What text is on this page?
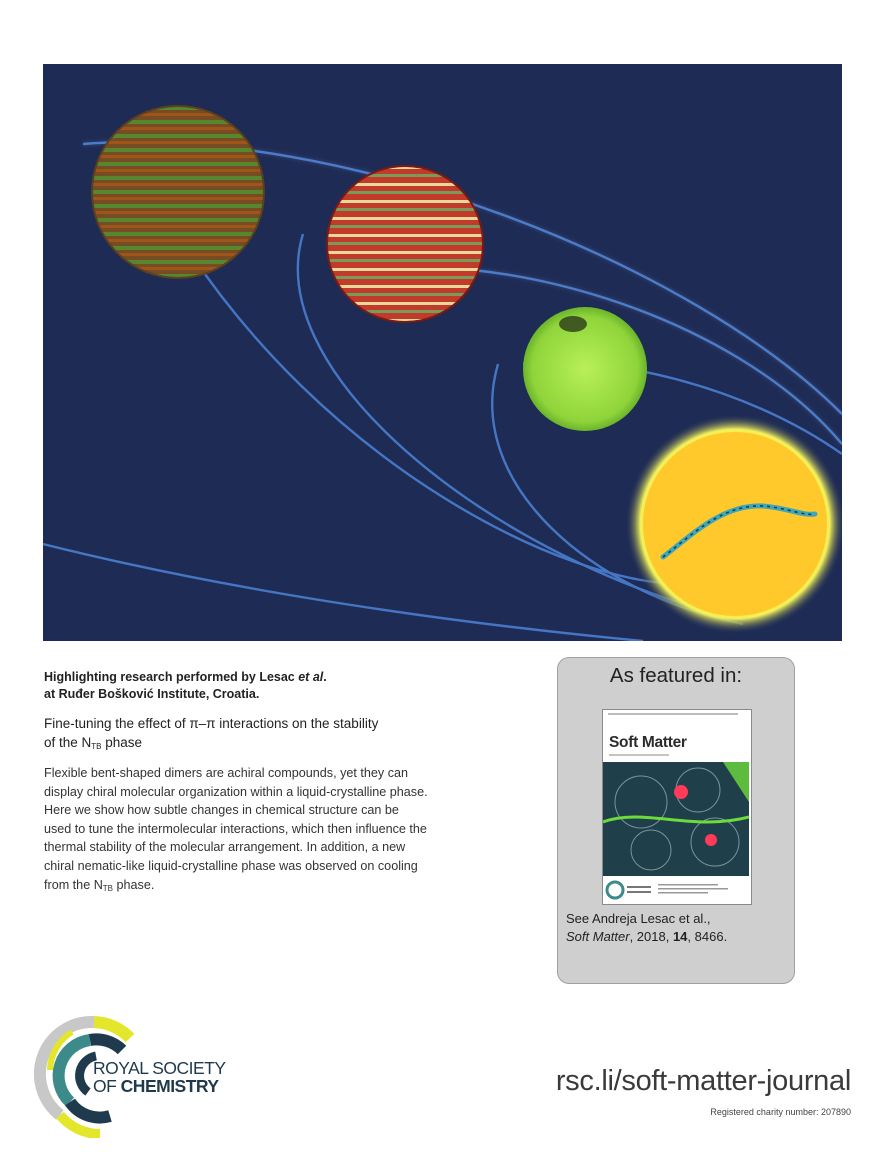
Highlighting research performed by Lesac et al.
at Ruđer Bošković Institute, Croatia.
Fine-tuning the effect of π–π interactions on the stability
of the $N_{TB}$ phase
Flexible bent-shaped dimers are achiral compounds, yet they can display chiral molecular organization within a liquid-crystalline phase. Here we show how subtle changes in chemical structure can be used to tune the intermolecular interactions, which then influence the thermal stability of the molecular arrangement. In addition, a new chiral nematic-like liquid-crystalline phase was observed on cooling from the $N_{TB}$ phase.
As featured in:
Soft Matter
See Andreja Lesac et al.,
Soft Matter, 2018, 14, 8466.
ROYAL SOCIETY
OF CHEMISTRY	rsc.li/soft-matter-journal
Registered charity number: 207890
